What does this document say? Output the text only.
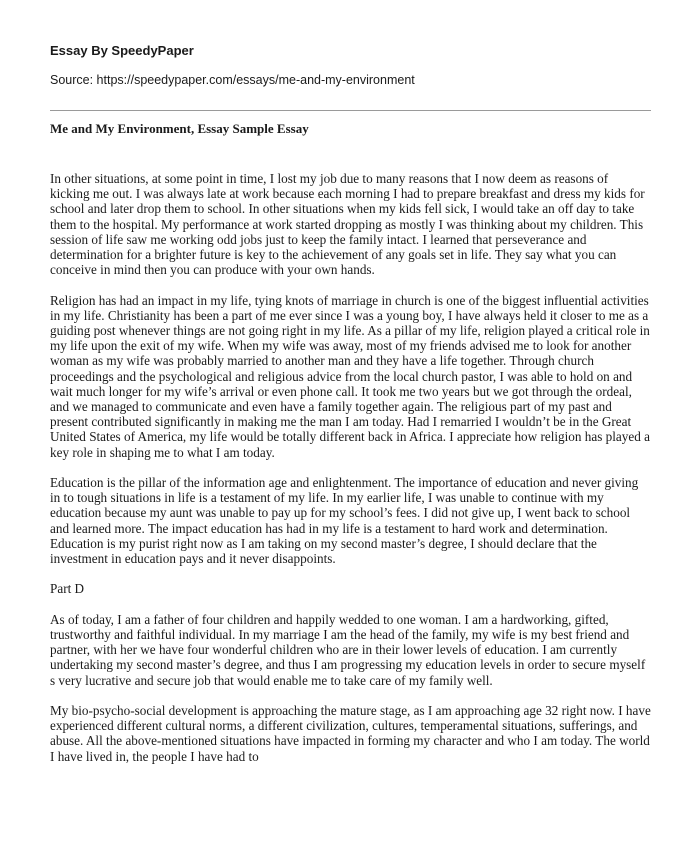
Essay By SpeedyPaper
Source: https://speedypaper.com/essays/me-and-my-environment
Me and My Environment, Essay Sample Essay

In other situations, at some point in time, I lost my job due to many reasons that I now deem as reasons of kicking me out. I was always late at work because each morning I had to prepare breakfast and dress my kids for school and later drop them to school. In other situations when my kids fell sick, I would take an off day to take them to the hospital. My performance at work started dropping as mostly I was thinking about my children. This session of life saw me working odd jobs just to keep the family intact. I learned that perseverance and determination for a brighter future is key to the achievement of any goals set in life. They say what you can conceive in mind then you can produce with your own hands.

Religion has had an impact in my life, tying knots of marriage in church is one of the biggest influential activities in my life. Christianity has been a part of me ever since I was a young boy, I have always held it closer to me as a guiding post whenever things are not going right in my life. As a pillar of my life, religion played a critical role in my life upon the exit of my wife. When my wife was away, most of my friends advised me to look for another woman as my wife was probably married to another man and they have a life together. Through church proceedings and the psychological and religious advice from the local church pastor, I was able to hold on and wait much longer for my wife’s arrival or even phone call. It took me two years but we got through the ordeal, and we managed to communicate and even have a family together again. The religious part of my past and present contributed significantly in making me the man I am today. Had I remarried I wouldn’t be in the Great United States of America, my life would be totally different back in Africa. I appreciate how religion has played a key role in shaping me to what I am today.

Education is the pillar of the information age and enlightenment. The importance of education and never giving in to tough situations in life is a testament of my life. In my earlier life, I was unable to continue with my education because my aunt was unable to pay up for my school’s fees. I did not give up, I went back to school and learned more. The impact education has had in my life is a testament to hard work and determination. Education is my purist right now as I am taking on my second master’s degree, I should declare that the investment in education pays and it never disappoints.

Part D

As of today, I am a father of four children and happily wedded to one woman. I am a hardworking, gifted, trustworthy and faithful individual. In my marriage I am the head of the family, my wife is my best friend and partner, with her we have four wonderful children who are in their lower levels of education. I am currently undertaking my second master’s degree, and thus I am progressing my education levels in order to secure myself s very lucrative and secure job that would enable me to take care of my family well.

My bio-psycho-social development is approaching the mature stage, as I am approaching age 32 right now. I have experienced different cultural norms, a different civilization, cultures, temperamental situations, sufferings, and abuse. All the above-mentioned situations have impacted in forming my character and who I am today. The world I have lived in, the people I have had to
